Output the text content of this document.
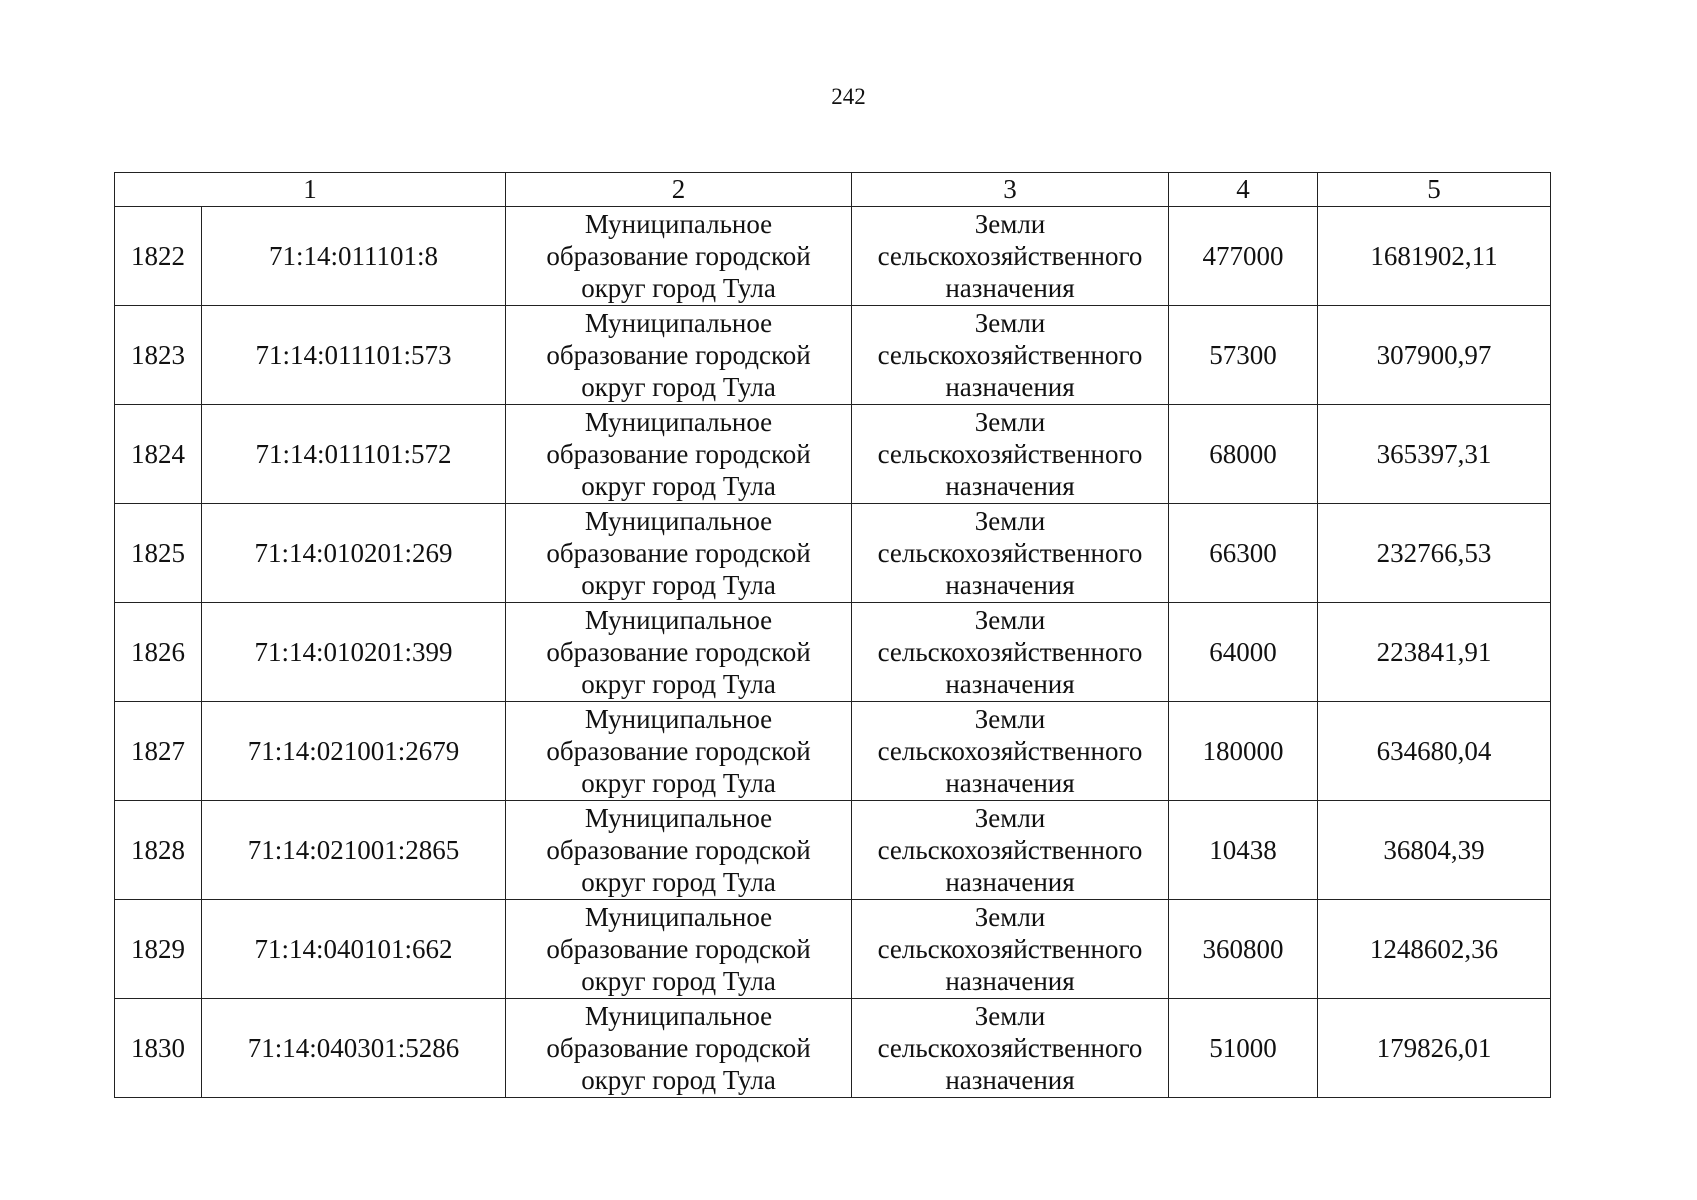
242
1		2	3	4	5
1822	71:14:011101:8	Муниципальное
образование городской
округ город Тула	Земли
сельскохозяйственного
назначения	477000	1681902,11
1823	71:14:011101:573	Муниципальное
образование городской
округ город Тула	Земли
сельскохозяйственного
назначения	57300	307900,97
1824	71:14:011101:572	Муниципальное
образование городской
округ город Тула	Земли
сельскохозяйственного
назначения	68000	365397,31
1825	71:14:010201:269	Муниципальное
образование городской
округ город Тула	Земли
сельскохозяйственного
назначения	66300	232766,53
1826	71:14:010201:399	Муниципальное
образование городской
округ город Тула	Земли
сельскохозяйственного
назначения	64000	223841,91
1827	71:14:021001:2679	Муниципальное
образование городской
округ город Тула	Земли
сельскохозяйственного
назначения	180000	634680,04
1828	71:14:021001:2865	Муниципальное
образование городской
округ город Тула	Земли
сельскохозяйственного
назначения	10438	36804,39
1829	71:14:040101:662	Муниципальное
образование городской
округ город Тула	Земли
сельскохозяйственного
назначения	360800	1248602,36
1830	71:14:040301:5286	Муниципальное
образование городской
округ город Тула	Земли
сельскохозяйственного
назначения	51000	179826,01
